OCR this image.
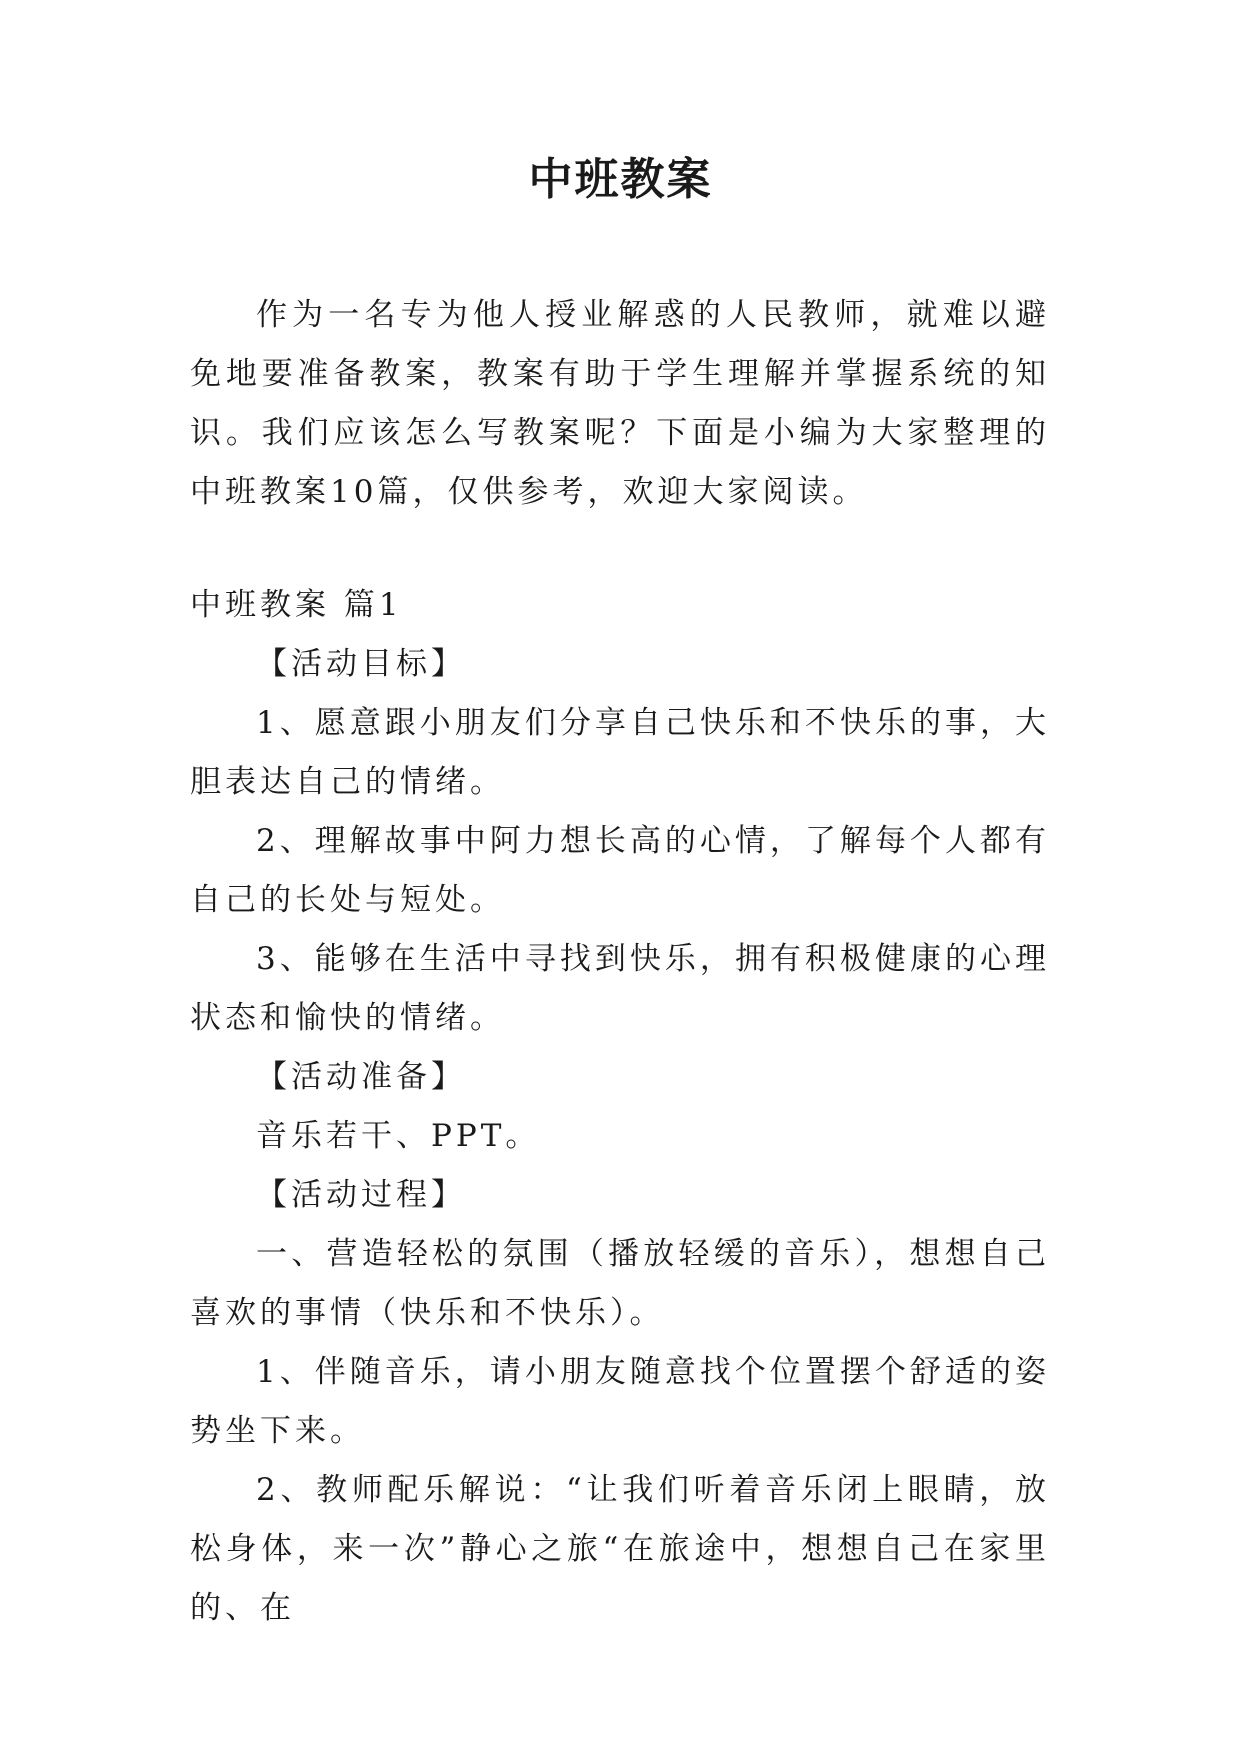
中班教案

作为一名专为他人授业解惑的人民教师，就难以避免地要准备教案，教案有助于学生理解并掌握系统的知识。我们应该怎么写教案呢？下面是小编为大家整理的中班教案10篇，仅供参考，欢迎大家阅读。

中班教案 篇1

【活动目标】

1、愿意跟小朋友们分享自己快乐和不快乐的事，大胆表达自己的情绪。

2、理解故事中阿力想长高的心情，了解每个人都有自己的长处与短处。

3、能够在生活中寻找到快乐，拥有积极健康的心理状态和愉快的情绪。

【活动准备】

音乐若干、PPT。

【活动过程】

一、营造轻松的氛围（播放轻缓的音乐），想想自己喜欢的事情（快乐和不快乐）。

1、伴随音乐，请小朋友随意找个位置摆个舒适的姿势坐下来。

2、教师配乐解说：“让我们听着音乐闭上眼睛，放松身体，来一次”静心之旅“在旅途中，想想自己在家里的、在
